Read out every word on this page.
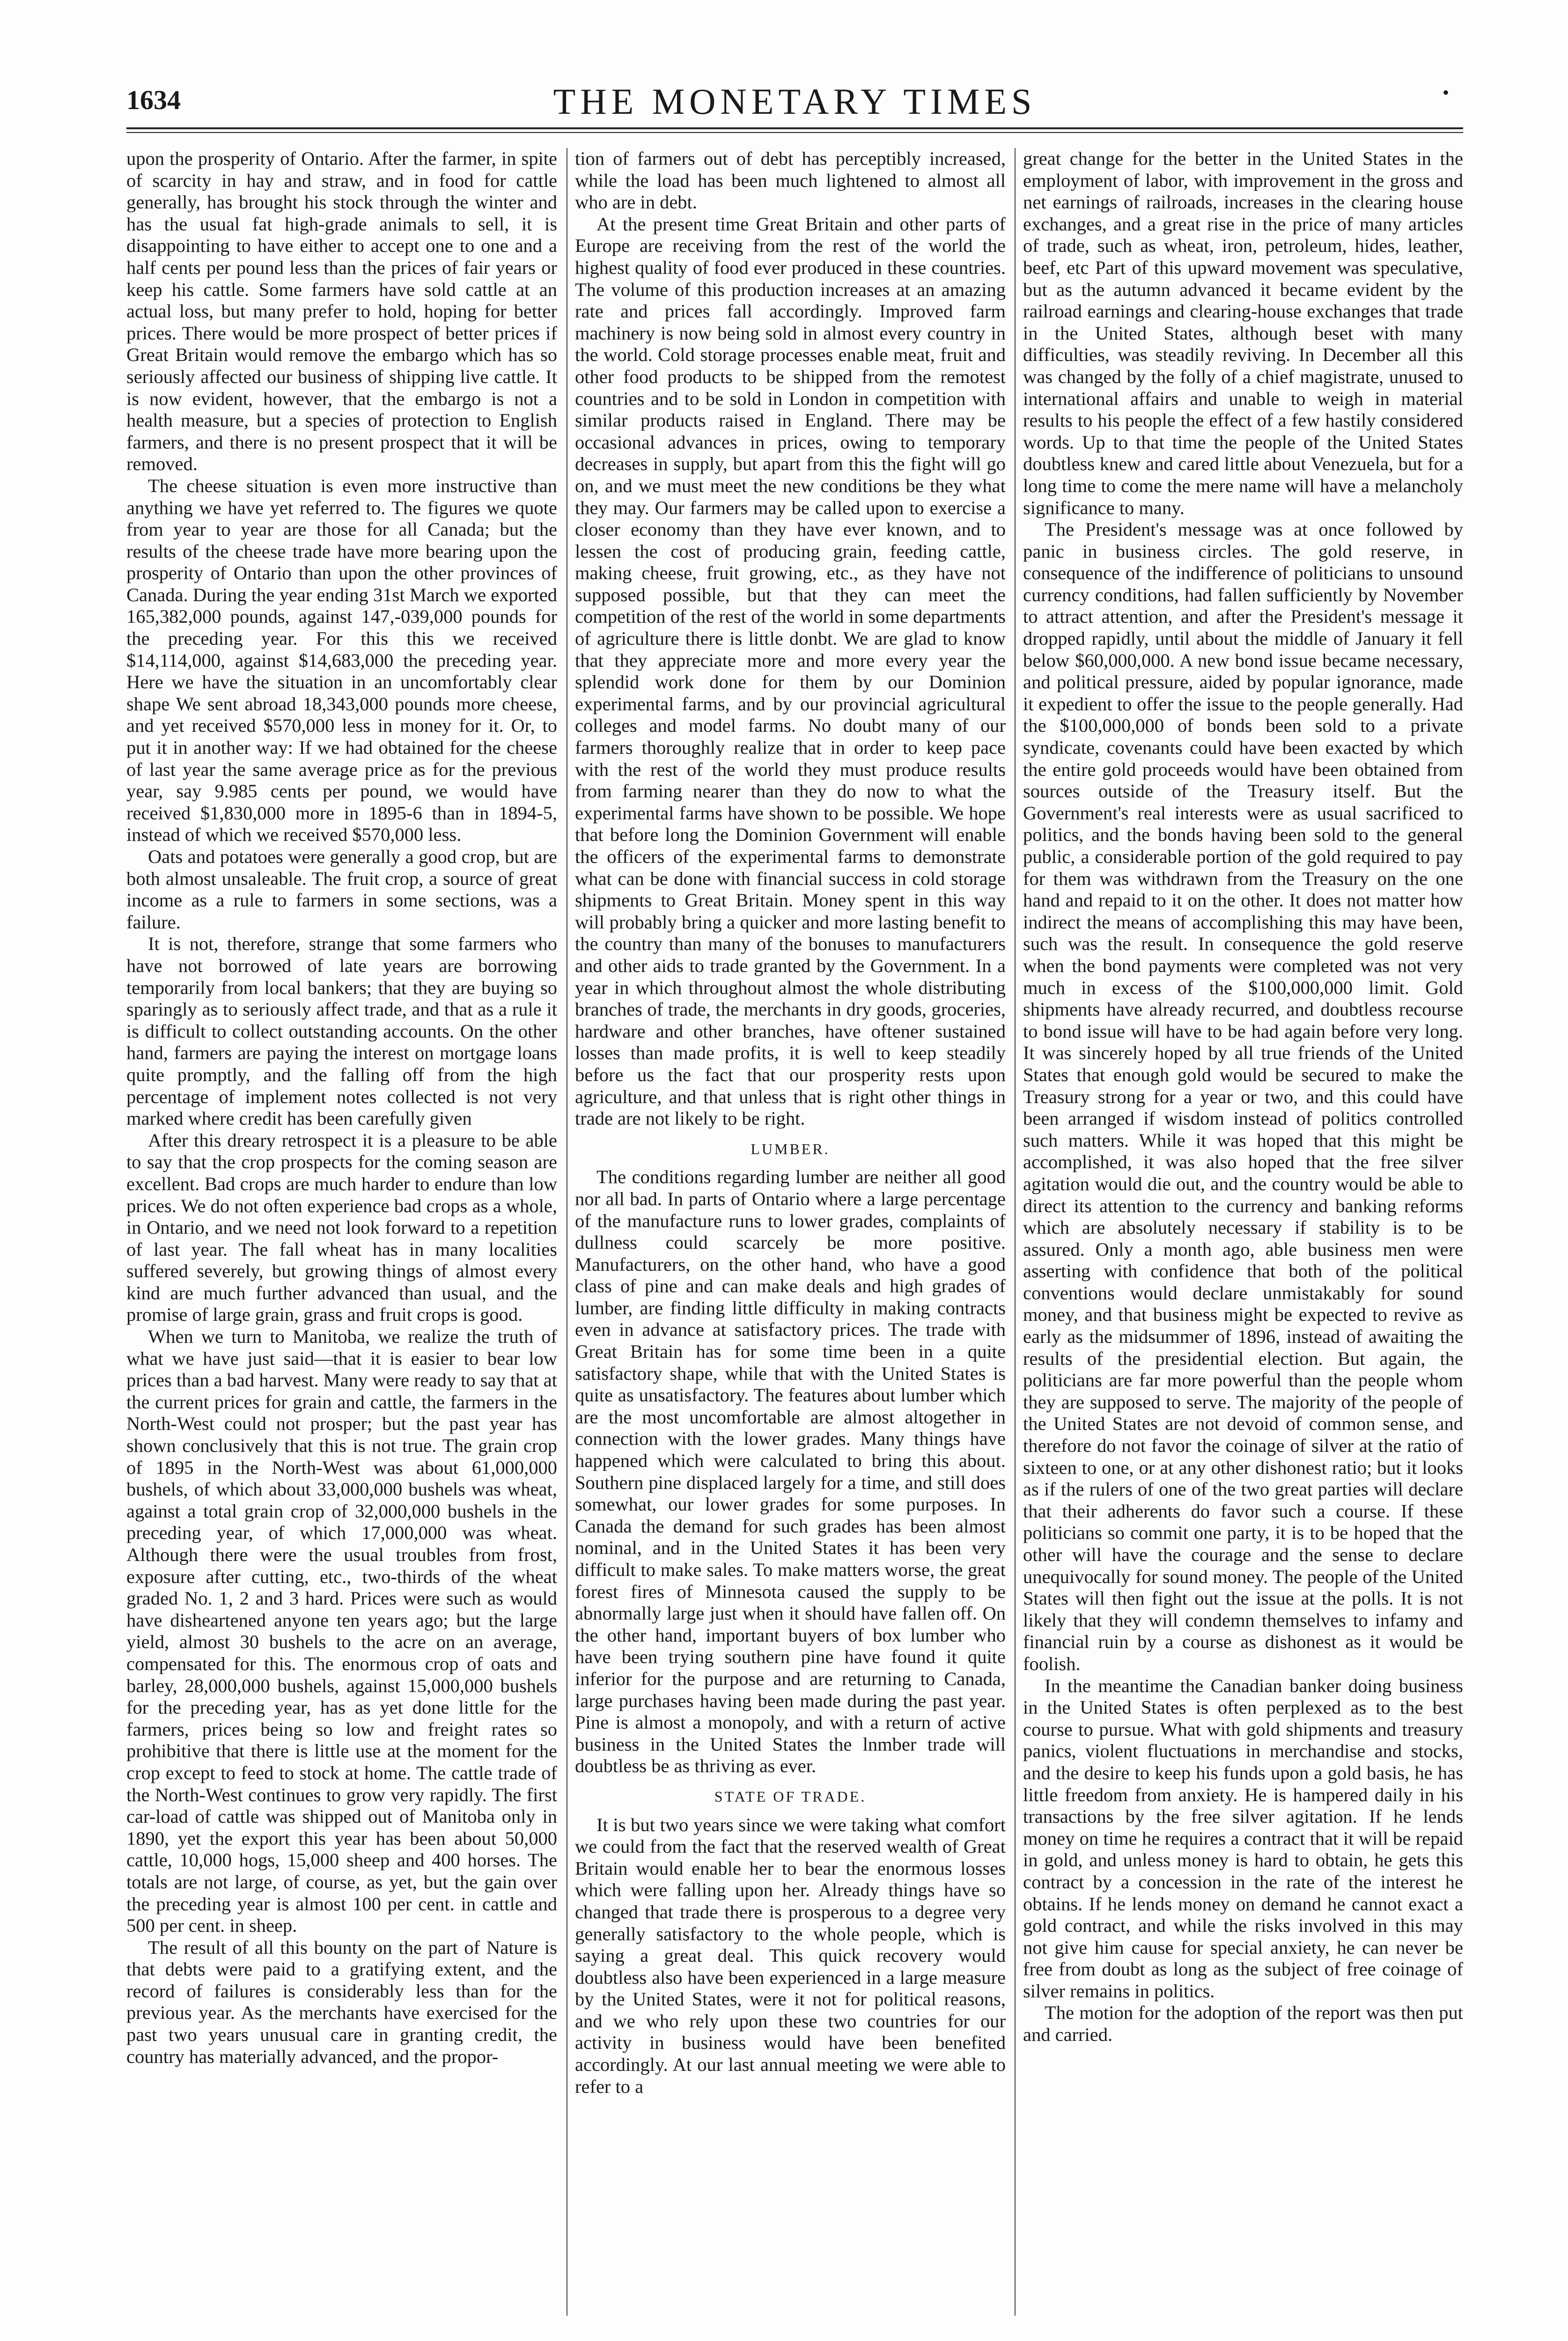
1634	THE MONETARY TIMES	•

upon the prosperity of Ontario. After the farmer, in spite of scarcity in hay and straw, and in food for cattle generally, has brought his stock through the winter and has the usual fat high-grade animals to sell, it is disappointing to have either to accept one to one and a half cents per pound less than the prices of fair years or keep his cattle. Some farmers have sold cattle at an actual loss, but many prefer to hold, hoping for better prices. There would be more prospect of better prices if Great Britain would remove the embargo which has so seriously affected our business of shipping live cattle. It is now evident, however, that the embargo is not a health measure, but a species of protection to English farmers, and there is no present prospect that it will be removed.

The cheese situation is even more instructive than anything we have yet referred to. The figures we quote from year to year are those for all Canada; but the results of the cheese trade have more bearing upon the prosperity of Ontario than upon the other provinces of Canada. During the year ending 31st March we exported 165,382,000 pounds, against 147,-039,000 pounds for the preceding year. For this this we received $14,114,000, against $14,683,000 the preceding year. Here we have the situation in an uncomfortably clear shape We sent abroad 18,343,000 pounds more cheese, and yet received $570,000 less in money for it. Or, to put it in another way: If we had obtained for the cheese of last year the same average price as for the previous year, say 9.985 cents per pound, we would have received $1,830,000 more in 1895-6 than in 1894-5, instead of which we received $570,000 less.

Oats and potatoes were generally a good crop, but are both almost unsaleable. The fruit crop, a source of great income as a rule to farmers in some sections, was a failure.

It is not, therefore, strange that some farmers who have not borrowed of late years are borrowing temporarily from local bankers; that they are buying so sparingly as to seriously affect trade, and that as a rule it is difficult to collect outstanding accounts. On the other hand, farmers are paying the interest on mortgage loans quite promptly, and the falling off from the high percentage of implement notes collected is not very marked where credit has been carefully given

After this dreary retrospect it is a pleasure to be able to say that the crop prospects for the coming season are excellent. Bad crops are much harder to endure than low prices. We do not often experience bad crops as a whole, in Ontario, and we need not look forward to a repetition of last year. The fall wheat has in many localities suffered severely, but growing things of almost every kind are much further advanced than usual, and the promise of large grain, grass and fruit crops is good.

When we turn to Manitoba, we realize the truth of what we have just said—that it is easier to bear low prices than a bad harvest. Many were ready to say that at the current prices for grain and cattle, the farmers in the North-West could not prosper; but the past year has shown conclusively that this is not true. The grain crop of 1895 in the North-West was about 61,000,000 bushels, of which about 33,000,000 bushels was wheat, against a total grain crop of 32,000,000 bushels in the preceding year, of which 17,000,000 was wheat. Although there were the usual troubles from frost, exposure after cutting, etc., two-thirds of the wheat graded No. 1, 2 and 3 hard. Prices were such as would have disheartened anyone ten years ago; but the large yield, almost 30 bushels to the acre on an average, compensated for this. The enormous crop of oats and barley, 28,000,000 bushels, against 15,000,000 bushels for the preceding year, has as yet done little for the farmers, prices being so low and freight rates so prohibitive that there is little use at the moment for the crop except to feed to stock at home. The cattle trade of the North-West continues to grow very rapidly. The first car-load of cattle was shipped out of Manitoba only in 1890, yet the export this year has been about 50,000 cattle, 10,000 hogs, 15,000 sheep and 400 horses. The totals are not large, of course, as yet, but the gain over the preceding year is almost 100 per cent. in cattle and 500 per cent. in sheep.

The result of all this bounty on the part of Nature is that debts were paid to a gratifying extent, and the record of failures is considerably less than for the previous year. As the merchants have exercised for the past two years unusual care in granting credit, the country has materially advanced, and the propor-

tion of farmers out of debt has perceptibly increased, while the load has been much lightened to almost all who are in debt.

At the present time Great Britain and other parts of Europe are receiving from the rest of the world the highest quality of food ever produced in these countries. The volume of this production increases at an amazing rate and prices fall accordingly. Improved farm machinery is now being sold in almost every country in the world. Cold storage processes enable meat, fruit and other food products to be shipped from the remotest countries and to be sold in London in competition with similar products raised in England. There may be occasional advances in prices, owing to temporary decreases in supply, but apart from this the fight will go on, and we must meet the new conditions be they what they may. Our farmers may be called upon to exercise a closer economy than they have ever known, and to lessen the cost of producing grain, feeding cattle, making cheese, fruit growing, etc., as they have not supposed possible, but that they can meet the competition of the rest of the world in some departments of agriculture there is little donbt. We are glad to know that they appreciate more and more every year the splendid work done for them by our Dominion experimental farms, and by our provincial agricultural colleges and model farms. No doubt many of our farmers thoroughly realize that in order to keep pace with the rest of the world they must produce results from farming nearer than they do now to what the experimental farms have shown to be possible. We hope that before long the Dominion Government will enable the officers of the experimental farms to demonstrate what can be done with financial success in cold storage shipments to Great Britain. Money spent in this way will probably bring a quicker and more lasting benefit to the country than many of the bonuses to manufacturers and other aids to trade granted by the Government. In a year in which throughout almost the whole distributing branches of trade, the merchants in dry goods, groceries, hardware and other branches, have oftener sustained losses than made profits, it is well to keep steadily before us the fact that our prosperity rests upon agriculture, and that unless that is right other things in trade are not likely to be right.

LUMBER.

The conditions regarding lumber are neither all good nor all bad. In parts of Ontario where a large percentage of the manufacture runs to lower grades, complaints of dullness could scarcely be more positive. Manufacturers, on the other hand, who have a good class of pine and can make deals and high grades of lumber, are finding little difficulty in making contracts even in advance at satisfactory prices. The trade with Great Britain has for some time been in a quite satisfactory shape, while that with the United States is quite as unsatisfactory. The features about lumber which are the most uncomfortable are almost altogether in connection with the lower grades. Many things have happened which were calculated to bring this about. Southern pine displaced largely for a time, and still does somewhat, our lower grades for some purposes. In Canada the demand for such grades has been almost nominal, and in the United States it has been very difficult to make sales. To make matters worse, the great forest fires of Minnesota caused the supply to be abnormally large just when it should have fallen off. On the other hand, important buyers of box lumber who have been trying southern pine have found it quite inferior for the purpose and are returning to Canada, large purchases having been made during the past year. Pine is almost a monopoly, and with a return of active business in the United States the lnmber trade will doubtless be as thriving as ever.

STATE OF TRADE.

It is but two years since we were taking what comfort we could from the fact that the reserved wealth of Great Britain would enable her to bear the enormous losses which were falling upon her. Already things have so changed that trade there is prosperous to a degree very generally satisfactory to the whole people, which is saying a great deal. This quick recovery would doubtless also have been experienced in a large measure by the United States, were it not for political reasons, and we who rely upon these two countries for our activity in business would have been benefited accordingly. At our last annual meeting we were able to refer to a

great change for the better in the United States in the employment of labor, with improvement in the gross and net earnings of railroads, increases in the clearing house exchanges, and a great rise in the price of many articles of trade, such as wheat, iron, petroleum, hides, leather, beef, etc Part of this upward movement was speculative, but as the autumn advanced it became evident by the railroad earnings and clearing-house exchanges that trade in the United States, although beset with many difficulties, was steadily reviving. In December all this was changed by the folly of a chief magistrate, unused to international affairs and unable to weigh in material results to his people the effect of a few hastily considered words. Up to that time the people of the United States doubtless knew and cared little about Venezuela, but for a long time to come the mere name will have a melancholy significance to many.

The President's message was at once followed by panic in business circles. The gold reserve, in consequence of the indifference of politicians to unsound currency conditions, had fallen sufficiently by November to attract attention, and after the President's message it dropped rapidly, until about the middle of January it fell below $60,000,000. A new bond issue became necessary, and political pressure, aided by popular ignorance, made it expedient to offer the issue to the people generally. Had the $100,000,000 of bonds been sold to a private syndicate, covenants could have been exacted by which the entire gold proceeds would have been obtained from sources outside of the Treasury itself. But the Government's real interests were as usual sacrificed to politics, and the bonds having been sold to the general public, a considerable portion of the gold required to pay for them was withdrawn from the Treasury on the one hand and repaid to it on the other. It does not matter how indirect the means of accomplishing this may have been, such was the result. In consequence the gold reserve when the bond payments were completed was not very much in excess of the $100,000,000 limit. Gold shipments have already recurred, and doubtless recourse to bond issue will have to be had again before very long. It was sincerely hoped by all true friends of the United States that enough gold would be secured to make the Treasury strong for a year or two, and this could have been arranged if wisdom instead of politics controlled such matters. While it was hoped that this might be accomplished, it was also hoped that the free silver agitation would die out, and the country would be able to direct its attention to the currency and banking reforms which are absolutely necessary if stability is to be assured. Only a month ago, able business men were asserting with confidence that both of the political conventions would declare unmistakably for sound money, and that business might be expected to revive as early as the midsummer of 1896, instead of awaiting the results of the presidential election. But again, the politicians are far more powerful than the people whom they are supposed to serve. The majority of the people of the United States are not devoid of common sense, and therefore do not favor the coinage of silver at the ratio of sixteen to one, or at any other dishonest ratio; but it looks as if the rulers of one of the two great parties will declare that their adherents do favor such a course. If these politicians so commit one party, it is to be hoped that the other will have the courage and the sense to declare unequivocally for sound money. The people of the United States will then fight out the issue at the polls. It is not likely that they will condemn themselves to infamy and financial ruin by a course as dishonest as it would be foolish.

In the meantime the Canadian banker doing business in the United States is often perplexed as to the best course to pursue. What with gold shipments and treasury panics, violent fluctuations in merchandise and stocks, and the desire to keep his funds upon a gold basis, he has little freedom from anxiety. He is hampered daily in his transactions by the free silver agitation. If he lends money on time he requires a contract that it will be repaid in gold, and unless money is hard to obtain, he gets this contract by a concession in the rate of the interest he obtains. If he lends money on demand he cannot exact a gold contract, and while the risks involved in this may not give him cause for special anxiety, he can never be free from doubt as long as the subject of free coinage of silver remains in politics.

The motion for the adoption of the report was then put and carried.
